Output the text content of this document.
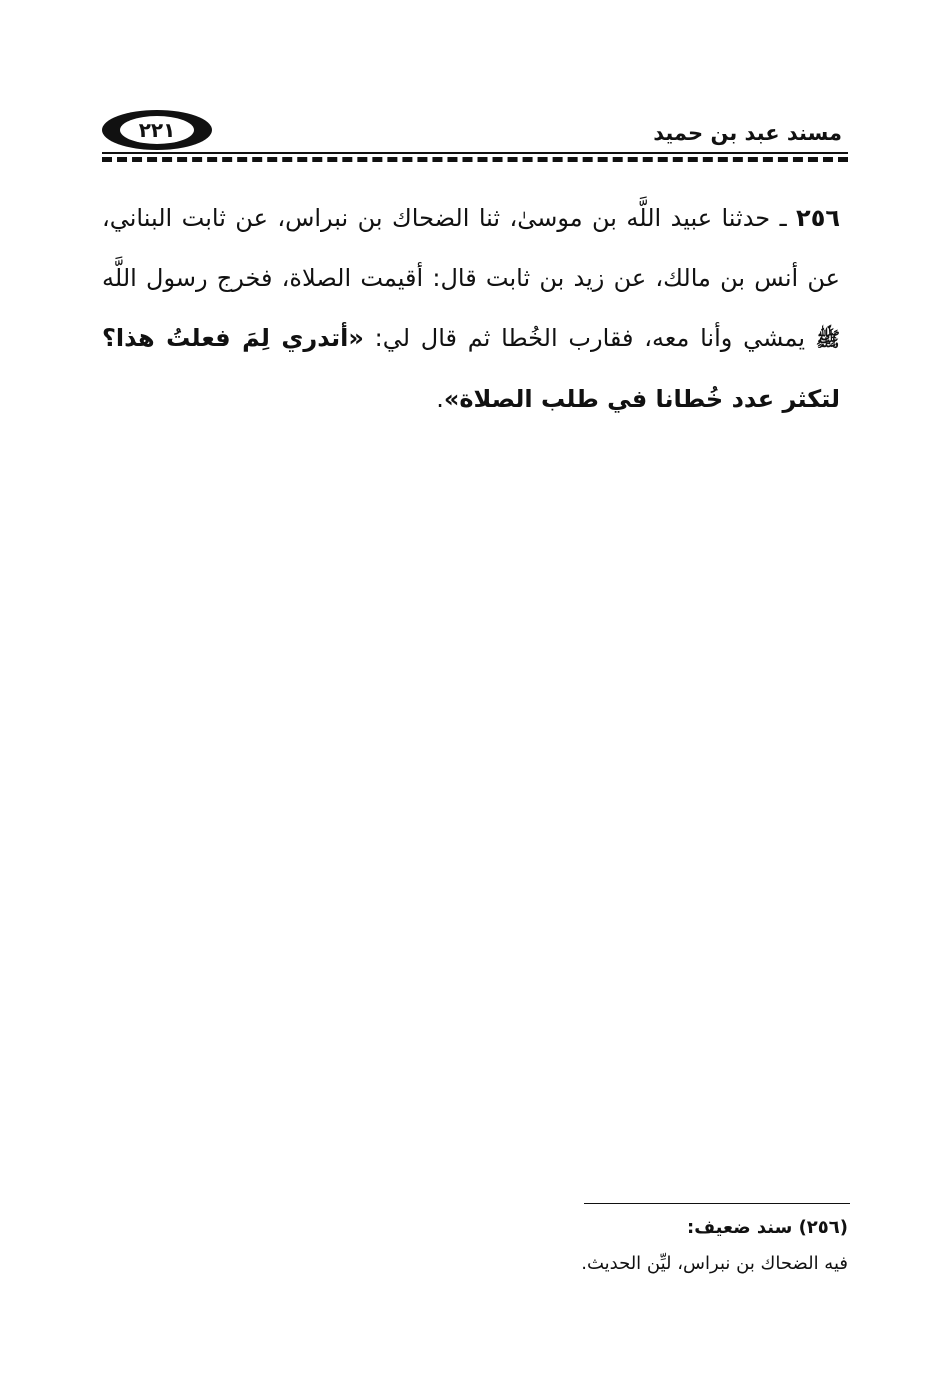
٢٢١	مسند عبد بن حميد
٢٥٦ ـ حدثنا عبيد اللَّه بن موسىٰ، ثنا الضحاك بن نبراس، عن ثابت البناني، عن أنس بن مالك، عن زيد بن ثابت قال: أقيمت الصلاة، فخرج رسول اللَّه ﷺ يمشي وأنا معه، فقارب الخُطا ثم قال لي: «أتدري لِمَ فعلتُ هذا؟ لتكثر عدد خُطانا في طلب الصلاة».
(٢٥٦) سند ضعيف:
فيه الضحاك بن نبراس، ليِّن الحديث.
